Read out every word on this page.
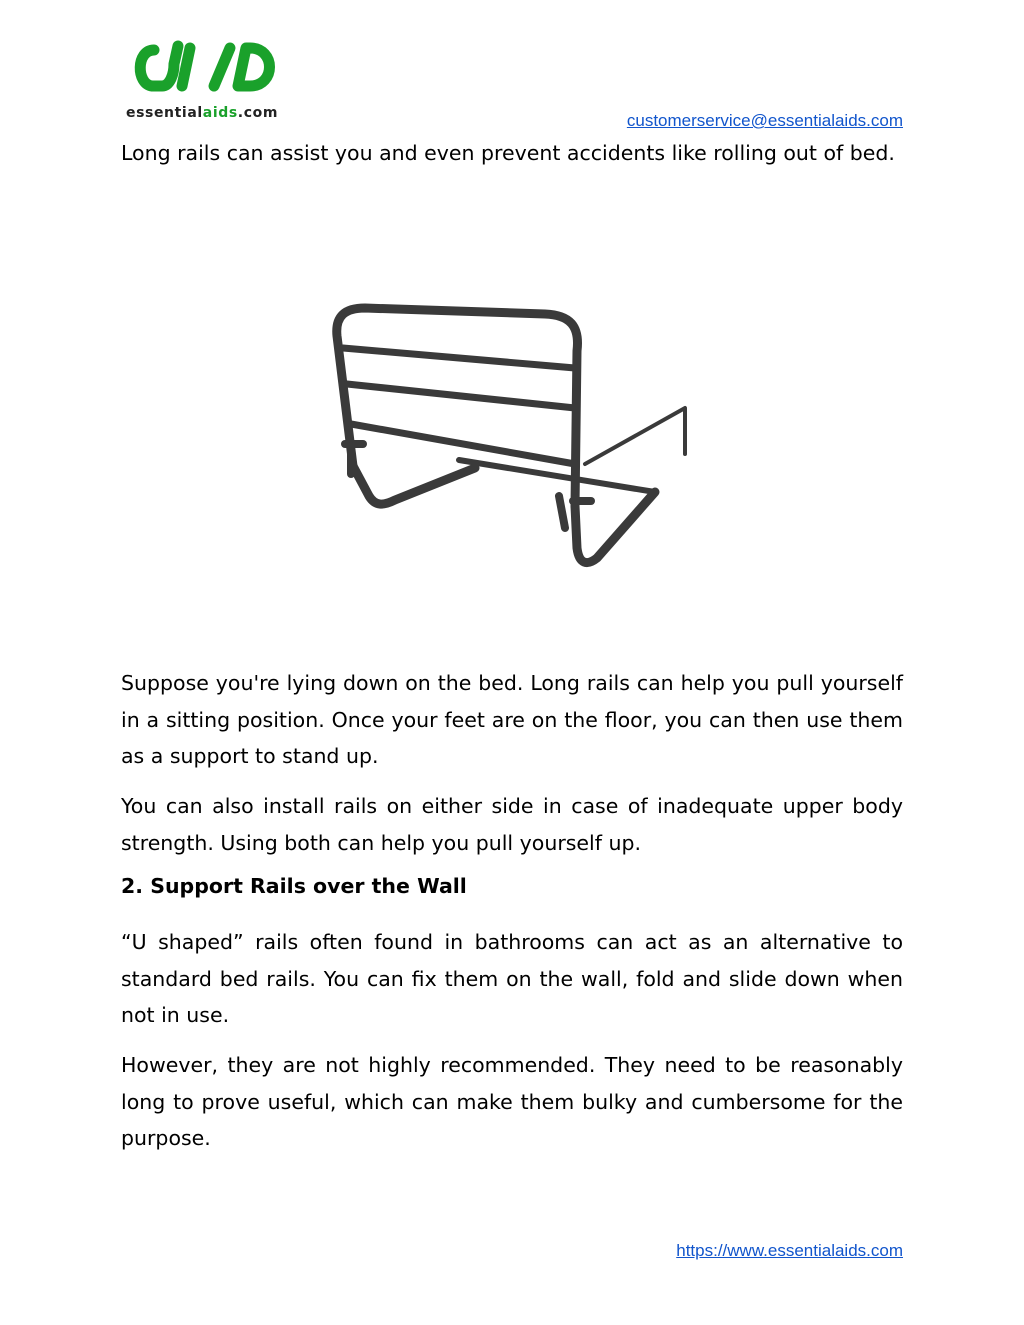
essentialaids.com	customerservice@essentialaids.com

Long rails can assist you and even prevent accidents like rolling out of bed.

Suppose you're lying down on the bed. Long rails can help you pull yourself in a sitting position. Once your feet are on the floor, you can then use them as a support to stand up.

You can also install rails on either side in case of inadequate upper body strength. Using both can help you pull yourself up.

2. Support Rails over the Wall

“U shaped” rails often found in bathrooms can act as an alternative to standard bed rails. You can fix them on the wall, fold and slide down when not in use.

However, they are not highly recommended. They need to be reasonably long to prove useful, which can make them bulky and cumbersome for the purpose.

https://www.essentialaids.com
